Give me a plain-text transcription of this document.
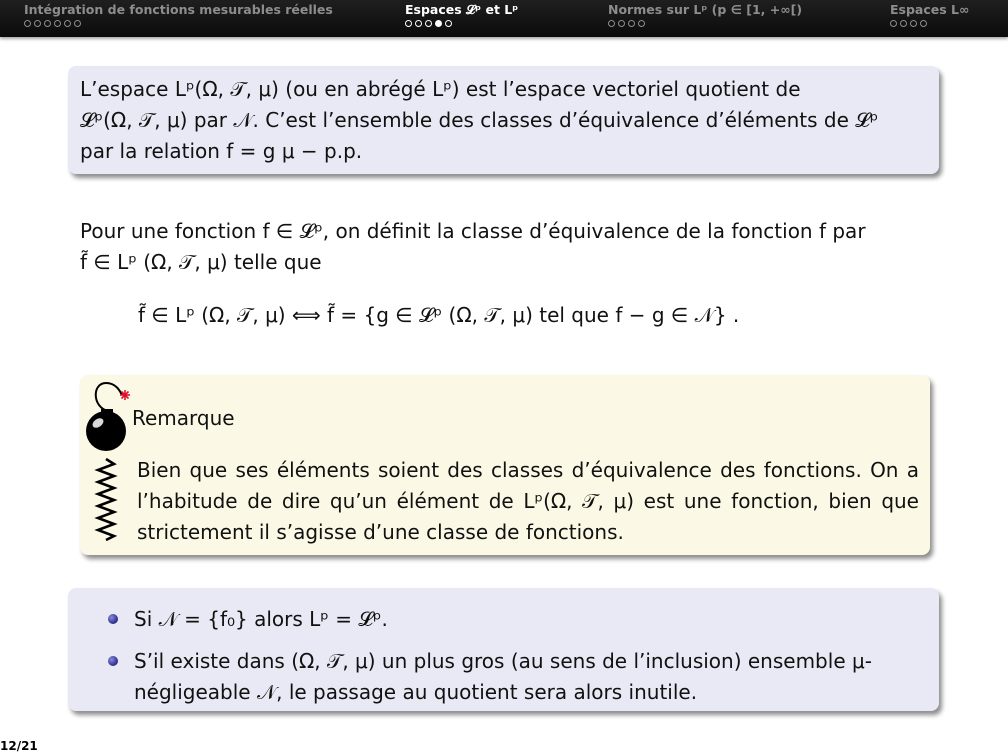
Intégration de fonctions mesurables réelles	Espaces 𝓛ᵖ et Lᵖ	Normes sur Lᵖ (p ∈ [1, +∞[)	Espaces L∞
L’espace Lᵖ(Ω, 𝒯, μ) (ou en abrégé Lᵖ) est l’espace vectoriel quotient de
𝓛ᵖ(Ω, 𝒯, μ) par 𝒩. C’est l’ensemble des classes d’équivalence d’éléments de 𝓛ᵖ
par la relation f = g μ − p.p.
Pour une fonction f ∈ 𝓛ᵖ, on définit la classe d’équivalence de la fonction f par
f̃ ∈ Lᵖ (Ω, 𝒯, μ) telle que
f̃ ∈ Lᵖ (Ω, 𝒯, μ) ⟺ f̃ = {g ∈ 𝓛ᵖ (Ω, 𝒯, μ) tel que f − g ∈ 𝒩} .
Remarque
Bien que ses éléments soient des classes d’équivalence des fonctions. On a l’habitude de dire qu’un élément de Lᵖ(Ω, 𝒯, μ) est une fonction, bien que strictement il s’agisse d’une classe de fonctions.
Si 𝒩 = {f₀} alors Lᵖ = 𝓛ᵖ.
S’il existe dans (Ω, 𝒯, μ) un plus gros (au sens de l’inclusion) ensemble μ-négligeable 𝒩, le passage au quotient sera alors inutile.
12/21
